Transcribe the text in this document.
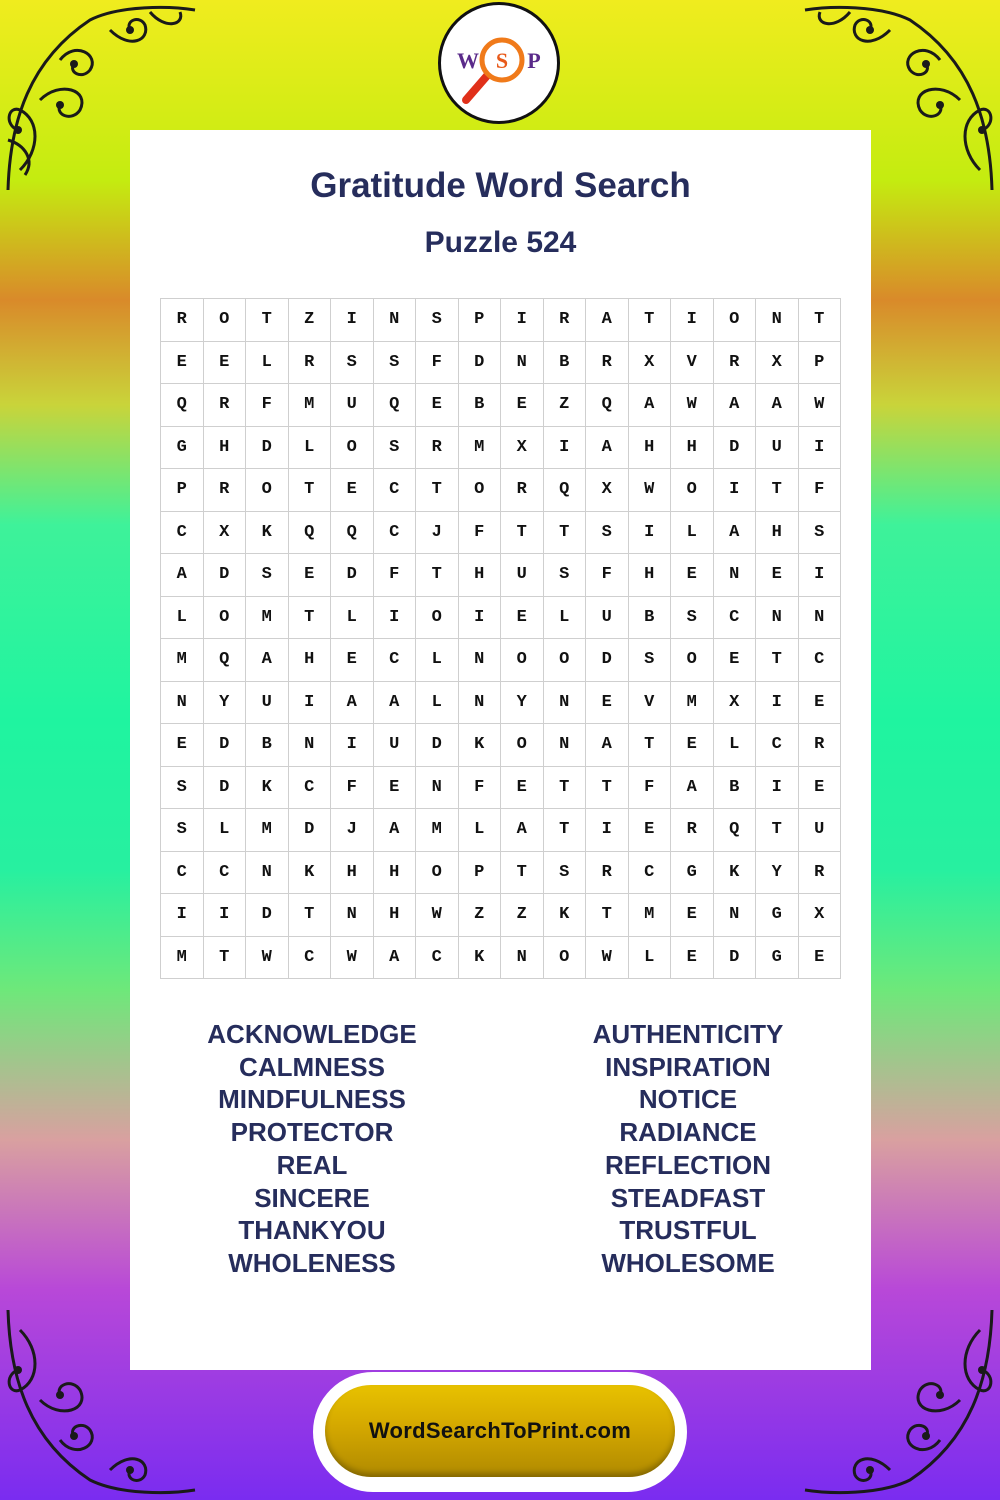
W S P
Gratitude Word Search
Puzzle 524
R	O	T	Z	I	N	S	P	I	R	A	T	I	O	N	T
E	E	L	R	S	S	F	D	N	B	R	X	V	R	X	P
Q	R	F	M	U	Q	E	B	E	Z	Q	A	W	A	A	W
G	H	D	L	O	S	R	M	X	I	A	H	H	D	U	I
P	R	O	T	E	C	T	O	R	Q	X	W	O	I	T	F
C	X	K	Q	Q	C	J	F	T	T	S	I	L	A	H	S
A	D	S	E	D	F	T	H	U	S	F	H	E	N	E	I
L	O	M	T	L	I	O	I	E	L	U	B	S	C	N	N
M	Q	A	H	E	C	L	N	O	O	D	S	O	E	T	C
N	Y	U	I	A	A	L	N	Y	N	E	V	M	X	I	E
E	D	B	N	I	U	D	K	O	N	A	T	E	L	C	R
S	D	K	C	F	E	N	F	E	T	T	F	A	B	I	E
S	L	M	D	J	A	M	L	A	T	I	E	R	Q	T	U
C	C	N	K	H	H	O	P	T	S	R	C	G	K	Y	R
I	I	D	T	N	H	W	Z	Z	K	T	M	E	N	G	X
M	T	W	C	W	A	C	K	N	O	W	L	E	D	G	E
ACKNOWLEDGE
CALMNESS
MINDFULNESS
PROTECTOR
REAL
SINCERE
THANKYOU
WHOLENESS
AUTHENTICITY
INSPIRATION
NOTICE
RADIANCE
REFLECTION
STEADFAST
TRUSTFUL
WHOLESOME
WordSearchToPrint.com
